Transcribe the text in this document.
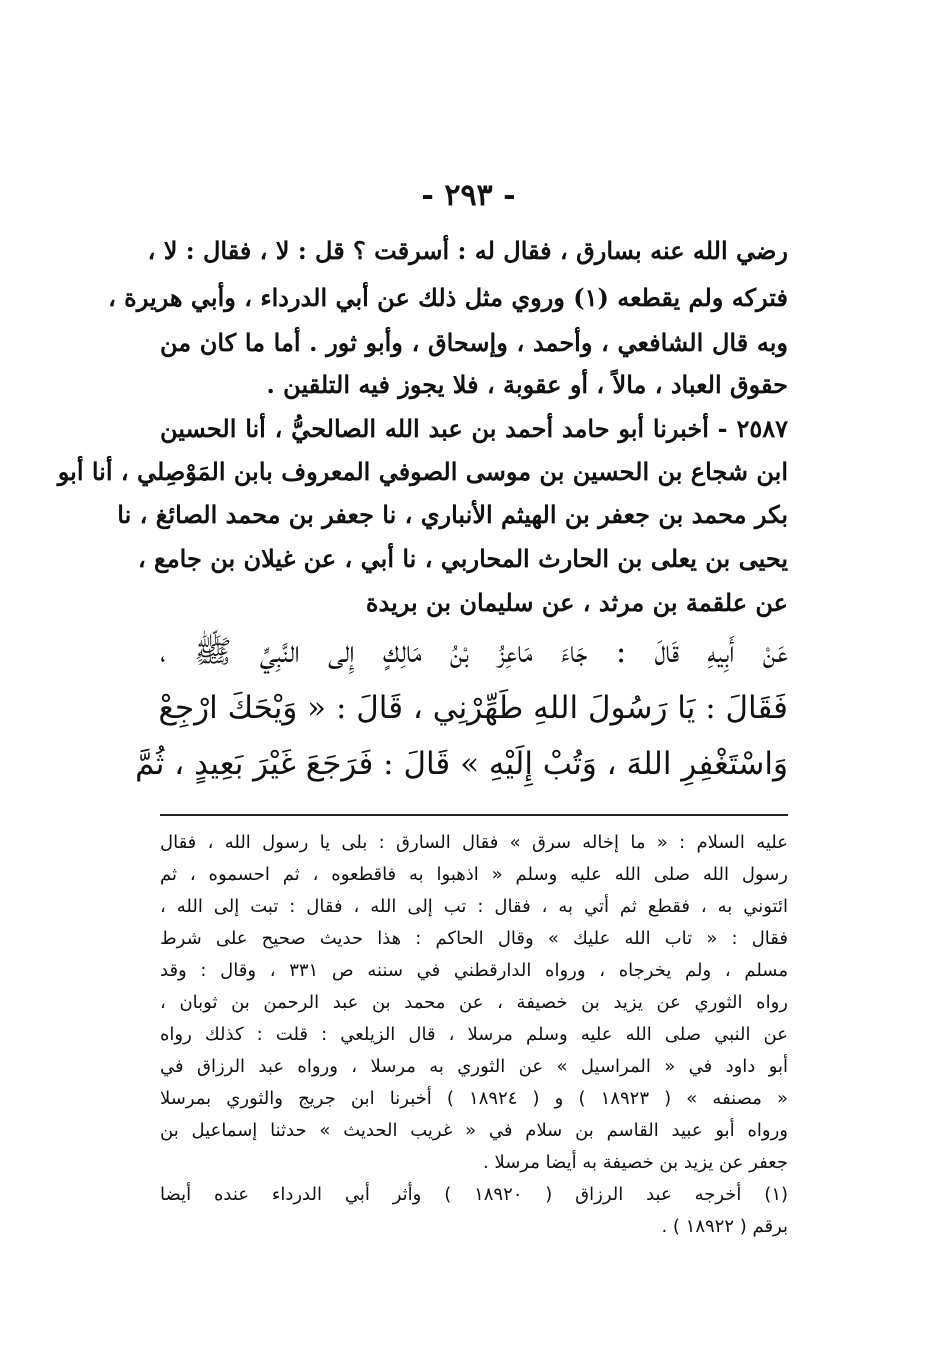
- ٢٩٣ -
رضي الله عنه بسارق ، فقال له : أسرقت ؟ قل : لا ، فقال : لا ،
فتركه ولم يقطعه (١) وروي مثل ذلك عن أبي الدرداء ، وأبي هريرة ،
وبه قال الشافعي ، وأحمد ، وإسحاق ، وأبو ثور . أما ما كان من
حقوق العباد ، مالاً ، أو عقوبة ، فلا يجوز فيه التلقين .
٢٥٨٧ - أخبرنا أبو حامد أحمد بن عبد الله الصالحيُّ ، أنا الحسين
ابن شجاع بن الحسين بن موسى الصوفي المعروف بابن المَوْصِلي ، أنا أبو
بكر محمد بن جعفر بن الهيثم الأنباري ، نا جعفر بن محمد الصائغ ، نا
يحيى بن يعلى بن الحارث المحاربي ، نا أبي ، عن غيلان بن جامع ،
عن علقمة بن مرثد ، عن سليمان بن بريدة
عَنْ أَبِيهِ قَالَ : جَاءَ مَاعِزُ بْنُ مَالِكٍ إِلى النَّبِيِّ ﷺ ،
فَقَالَ : يَا رَسُولَ اللهِ طَهِّرْنِي ، قَالَ : « وَيْحَكَ ارْجِعْ
وَاسْتَغْفِرِ اللهَ ، وَتُبْ إِلَيْهِ » قَالَ : فَرَجَعَ غَيْرَ بَعِيدٍ ، ثُمَّ
عليه السلام : « ما إخاله سرق » فقال السارق : بلى يا رسول الله ، فقال
رسول الله صلى الله عليه وسلم « اذهبوا به فاقطعوه ، ثم احسموه ، ثم
ائتوني به ، فقطع ثم أتي به ، فقال : تب إلى الله ، فقال : تبت إلى الله ،
فقال : « تاب الله عليك » وقال الحاكم : هذا حديث صحيح على شرط
مسلم ، ولم يخرجاه ، ورواه الدارقطني في سننه ص ٣٣١ ، وقال : وقد
رواه الثوري عن يزيد بن خصيفة ، عن محمد بن عبد الرحمن بن ثوبان ،
عن النبي صلى الله عليه وسلم مرسلا ، قال الزيلعي : قلت : كذلك رواه
أبو داود في « المراسيل » عن الثوري به مرسلا ، ورواه عبد الرزاق في
« مصنفه » ( ١٨٩٢٣ ) و ( ١٨٩٢٤ ) أخبرنا ابن جريج والثوري بمرسلا
ورواه أبو عبيد القاسم بن سلام في « غريب الحديث » حدثنا إسماعيل بن
جعفر عن يزيد بن خصيفة به أيضا مرسلا .
(١) أخرجه عبد الرزاق ( ١٨٩٢٠ ) وأثر أبي الدرداء عنده أيضا
برقم ( ١٨٩٢٢ ) .
